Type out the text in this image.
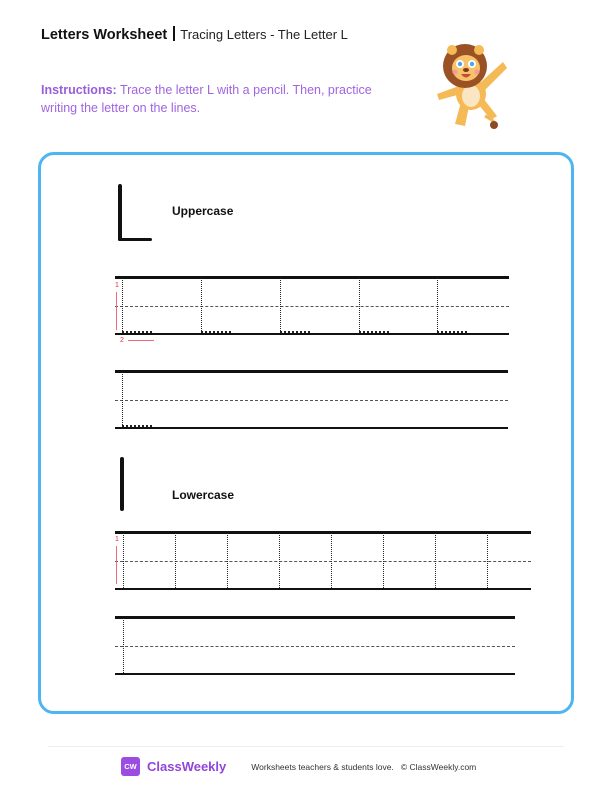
Letters Worksheet Tracing Letters - The Letter L
Instructions: Trace the letter L with a pencil. Then, practice writing the letter on the lines.
Uppercase
1
2
Lowercase
1
CW ClassWeekly	Worksheets teachers & students love.   © ClassWeekly.com
